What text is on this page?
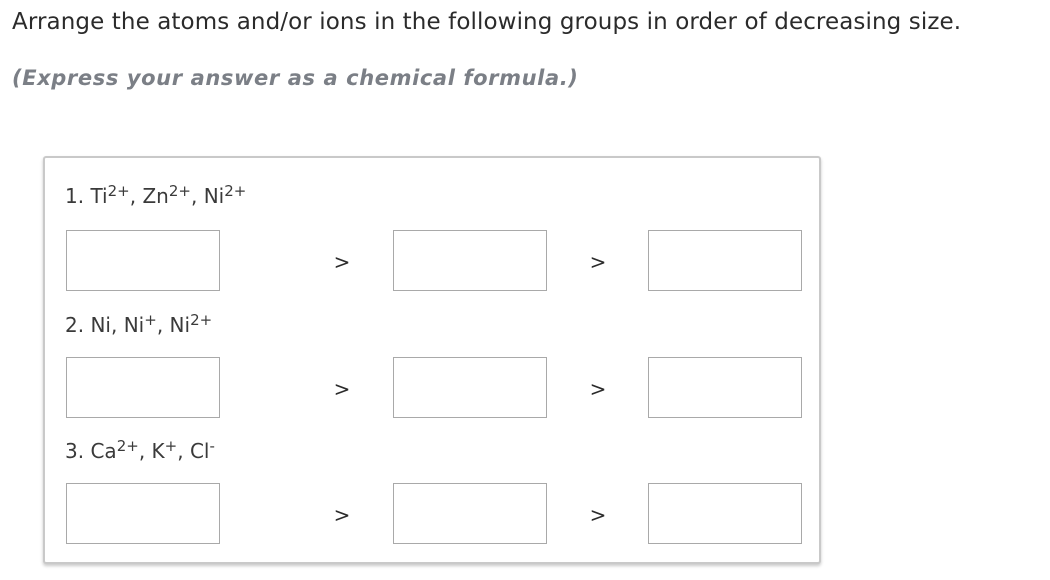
Arrange the atoms and/or ions in the following groups in order of decreasing size.
(Express your answer as a chemical formula.)
1. $Ti^{2+}$, $Zn^{2+}$, $Ni^{2+}$
>	>
2. Ni, Ni+, $Ni^{2+}$
>	>
3. $Ca^{2+}$, K+, Cl-
>	>
